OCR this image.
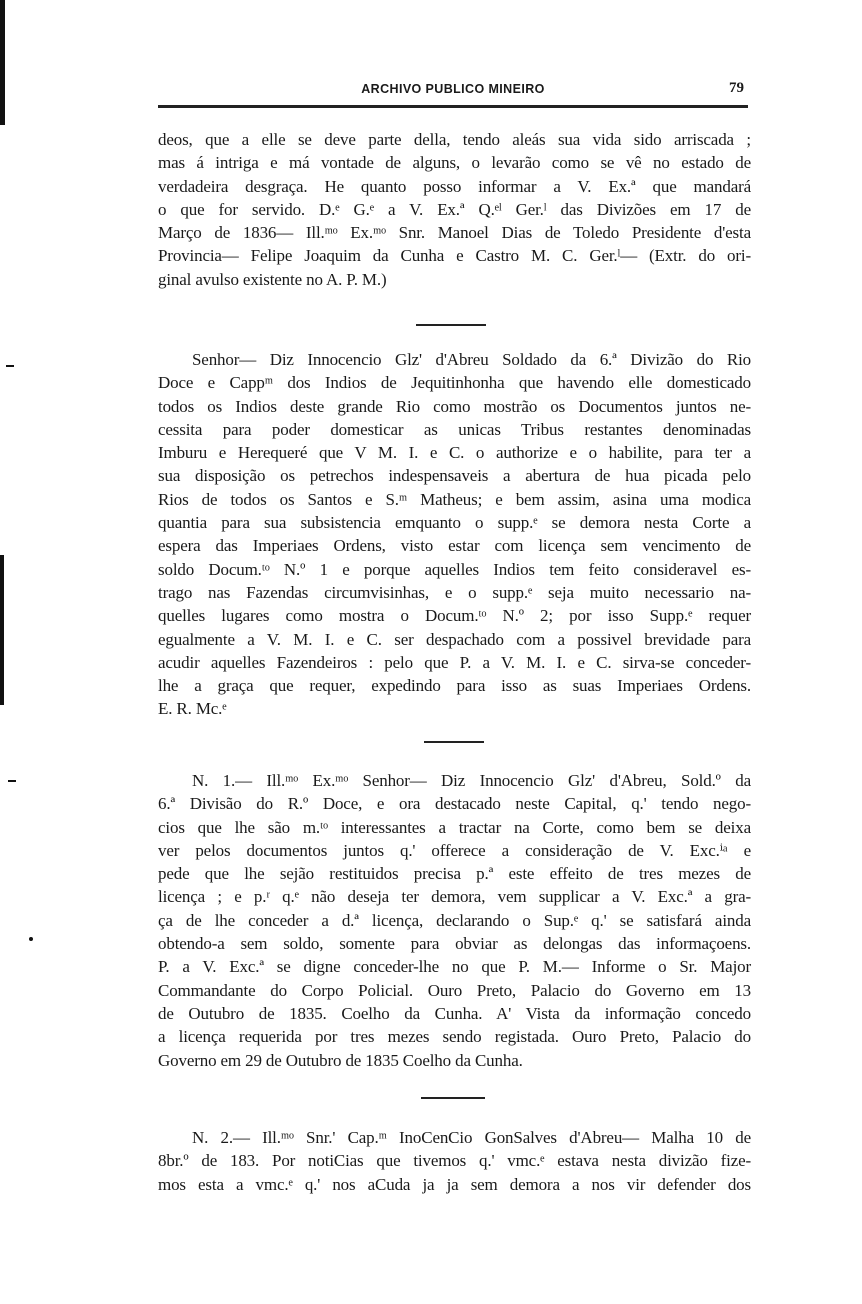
ARCHIVO PUBLICO MINEIRO	79
deos, que a elle se deve parte della, tendo aleás sua vida sido arriscada ;
mas á intriga e má vontade de alguns, o levarão como se vê no estado de
verdadeira desgraça. He quanto posso informar a V. Ex.ª que mandará
o que for servido. D.ᵉ G.ᵉ a V. Ex.ª Q.ᵉˡ Ger.ˡ das Divizões em 17 de
Março de 1836— Ill.ᵐᵒ Ex.ᵐᵒ Snr. Manoel Dias de Toledo Presidente d'esta
Provincia— Felipe Joaquim da Cunha e Castro M. C. Ger.ˡ— (Extr. do ori-
ginal avulso existente no A. P. M.)
Senhor— Diz Innocencio Glz' d'Abreu Soldado da 6.ª Divizão do Rio
Doce e Cappᵐ dos Indios de Jequitinhonha que havendo elle domesticado
todos os Indios deste grande Rio como mostrão os Documentos juntos ne-
cessita para poder domesticar as unicas Tribus restantes denominadas
Imburu e Herequeré que V M. I. e C. o authorize e o habilite, para ter a
sua disposição os petrechos indespensaveis a abertura de hua picada pelo
Rios de todos os Santos e S.ᵐ Matheus; e bem assim, asina uma modica
quantia para sua subsistencia emquanto o supp.ᵉ se demora nesta Corte a
espera das Imperiaes Ordens, visto estar com licença sem vencimento de
soldo Docum.ᵗᵒ N.º 1 e porque aquelles Indios tem feito consideravel es-
trago nas Fazendas circumvisinhas, e o supp.ᵉ seja muito necessario na-
quelles lugares como mostra o Docum.ᵗᵒ N.º 2; por isso Supp.ᵉ requer
egualmente a V. M. I. e C. ser despachado com a possivel brevidade para
acudir aquelles Fazendeiros : pelo que P. a V. M. I. e C. sirva-se conceder-
lhe a graça que requer, expedindo para isso as suas Imperiaes Ordens.
E. R. Mc.ᵉ
N. 1.— Ill.ᵐᵒ Ex.ᵐᵒ Senhor— Diz Innocencio Glz' d'Abreu, Sold.º da
6.ª Divisão do R.º Doce, e ora destacado neste Capital, q.' tendo nego-
cios que lhe são m.ᵗᵒ interessantes a tractar na Corte, como bem se deixa
ver pelos documentos juntos q.' offerece a consideração de V. Exc.ⁱᵃ e
pede que lhe sejão restituidos precisa p.ª este effeito de tres mezes de
licença ; e p.ʳ q.ᵉ não deseja ter demora, vem supplicar a V. Exc.ª a gra-
ça de lhe conceder a d.ª licença, declarando o Sup.ᵉ q.' se satisfará ainda
obtendo-a sem soldo, somente para obviar as delongas das informaçoens.
P. a V. Exc.ª se digne conceder-lhe no que P. M.— Informe o Sr. Major
Commandante do Corpo Policial. Ouro Preto, Palacio do Governo em 13
de Outubro de 1835. Coelho da Cunha. A' Vista da informação concedo
a licença requerida por tres mezes sendo registada. Ouro Preto, Palacio do
Governo em 29 de Outubro de 1835 Coelho da Cunha.
N. 2.— Ill.ᵐᵒ Snr.' Cap.ᵐ InoCenCio GonSalves d'Abreu— Malha 10 de
8br.º de 183. Por notiCias que tivemos q.' vmc.ᵉ estava nesta divizão fize-
mos esta a vmc.ᵉ q.' nos aCuda ja ja sem demora a nos vir defender dos
